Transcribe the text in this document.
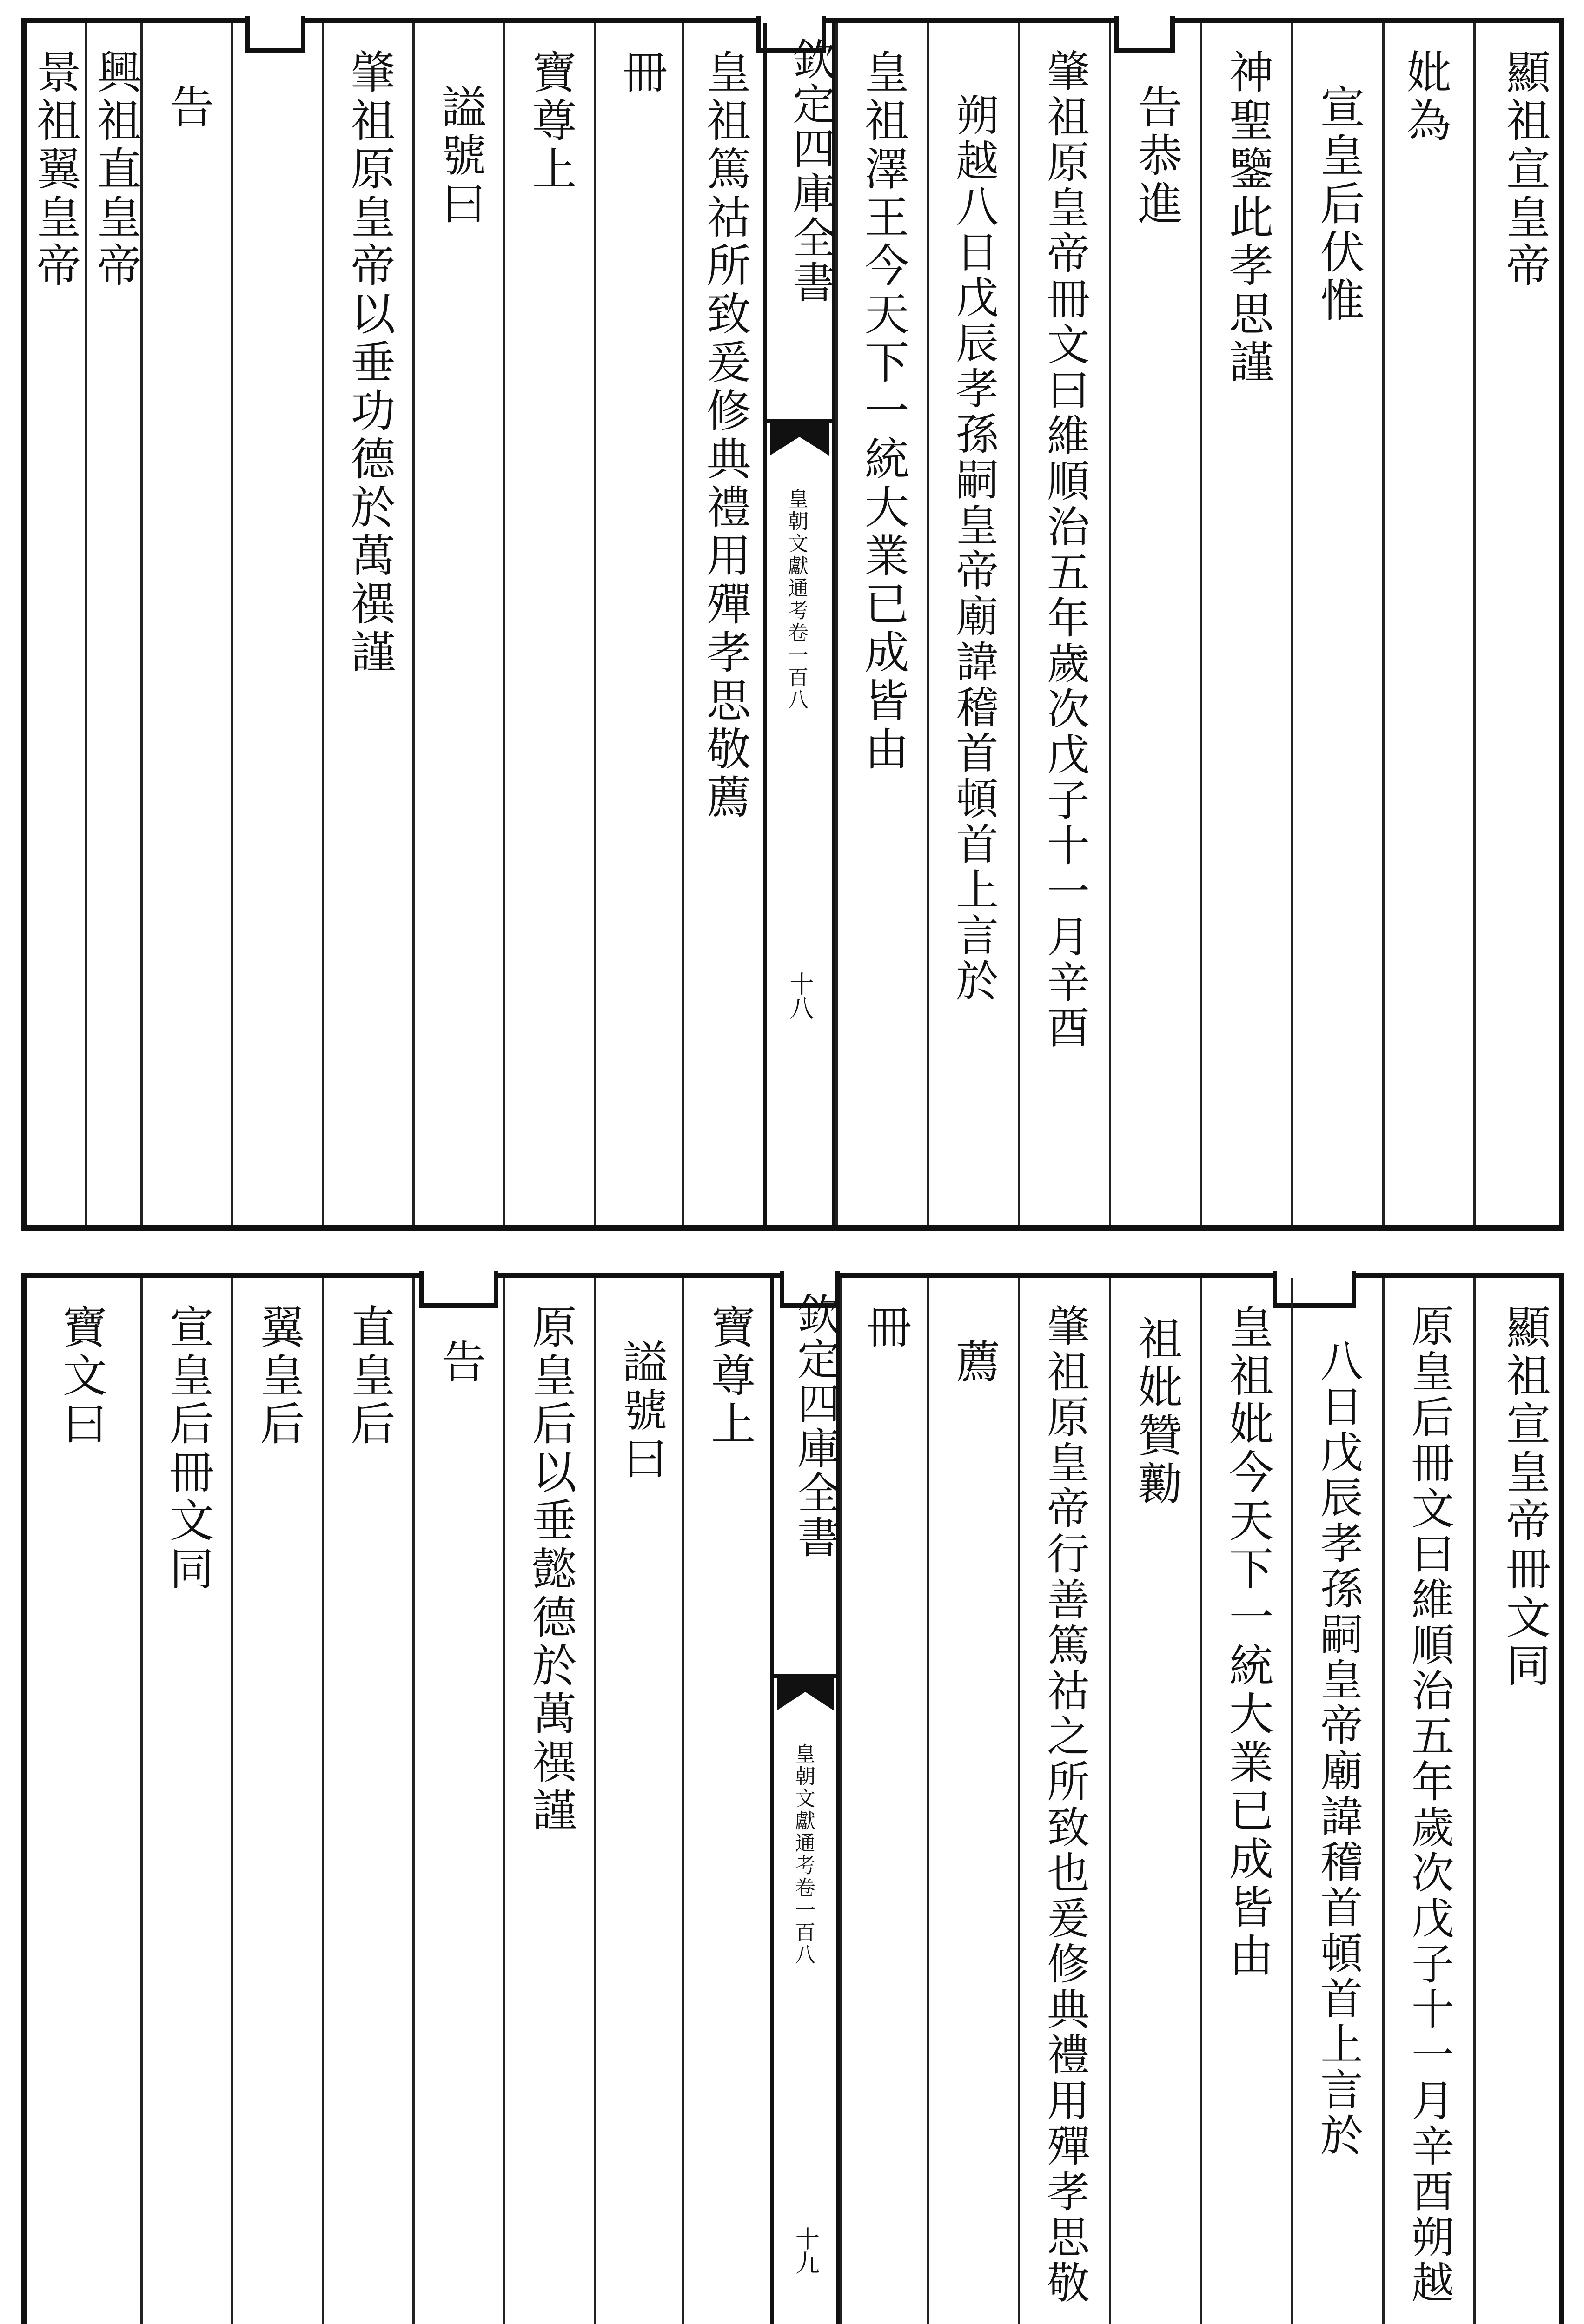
顯祖宣皇帝
妣為
宣皇后伏惟
神聖鑒此孝思謹
告恭進
肇祖原皇帝冊文曰維順治五年歲次戊子十一月辛酉
朔越八日戊辰孝孫嗣皇帝廟諱稽首頓首上言於
皇祖澤王今天下一統大業已成皆由
欽定四庫全書
皇朝文獻通考卷一百八
十八
皇祖篤祜所致爰修典禮用殫孝思敬薦
冊
寶尊上
謚號曰
肇祖原皇帝以垂功德於萬禩謹
告
興祖直皇帝
景祖翼皇帝
顯祖宣皇帝冊文同
原皇后冊文曰維順治五年歲次戊子十一月辛酉朔越
八日戊辰孝孫嗣皇帝廟諱稽首頓首上言於
皇祖妣今天下一統大業已成皆由
祖妣贊勷
肇祖原皇帝行善篤祜之所致也爰修典禮用殫孝思敬
薦
冊
欽定四庫全書
皇朝文獻通考卷一百八
十九
寶尊上
謚號曰
原皇后以垂懿德於萬禩謹
告
直皇后
翼皇后
宣皇后冊文同
寶文曰
